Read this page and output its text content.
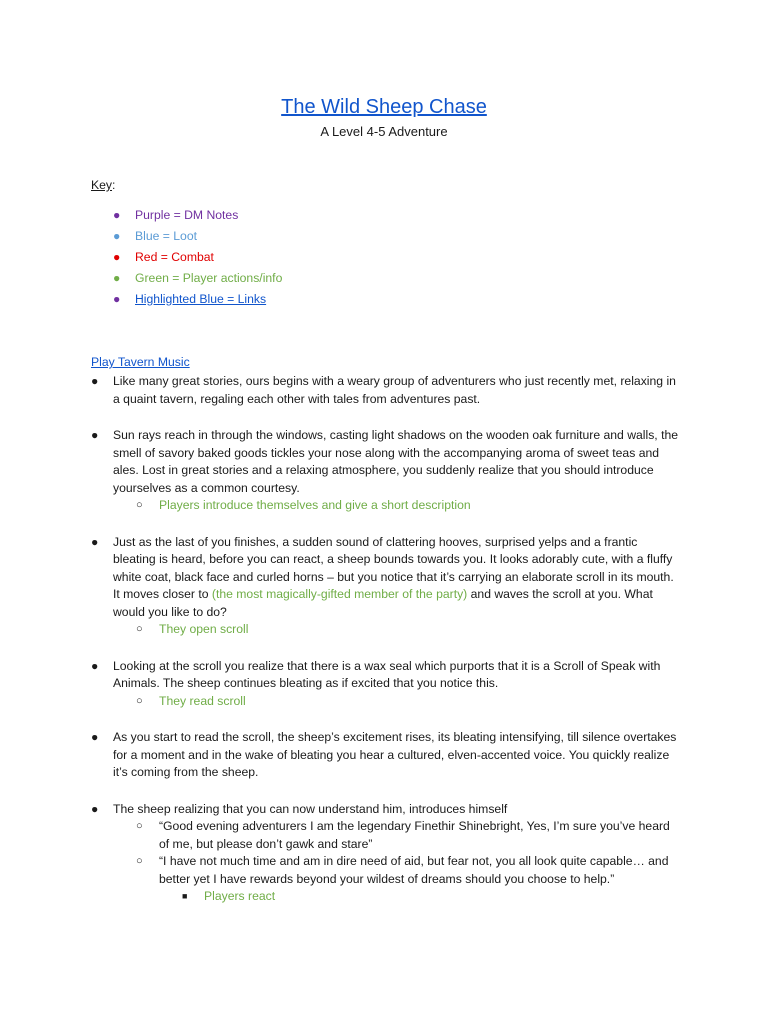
The Wild Sheep Chase
A Level 4-5 Adventure
Key:
● Purple = DM Notes
● Blue = Loot
● Red = Combat
● Green = Player actions/info
● Highlighted Blue = Links
Play Tavern Music
● Like many great stories, ours begins with a weary group of adventurers who just recently met, relaxing in a quaint tavern, regaling each other with tales from adventures past.
● Sun rays reach in through the windows, casting light shadows on the wooden oak furniture and walls, the smell of savory baked goods tickles your nose along with the accompanying aroma of sweet teas and ales. Lost in great stories and a relaxing atmosphere, you suddenly realize that you should introduce yourselves as a common courtesy.
○ Players introduce themselves and give a short description
● Just as the last of you finishes, a sudden sound of clattering hooves, surprised yelps and a frantic bleating is heard, before you can react, a sheep bounds towards you. It looks adorably cute, with a fluffy white coat, black face and curled horns – but you notice that it’s carrying an elaborate scroll in its mouth. It moves closer to (the most magically-gifted member of the party) and waves the scroll at you. What would you like to do?
○ They open scroll
● Looking at the scroll you realize that there is a wax seal which purports that it is a Scroll of Speak with Animals. The sheep continues bleating as if excited that you notice this.
○ They read scroll
● As you start to read the scroll, the sheep’s excitement rises, its bleating intensifying, till silence overtakes for a moment and in the wake of bleating you hear a cultured, elven-accented voice. You quickly realize it’s coming from the sheep.
● The sheep realizing that you can now understand him, introduces himself
○ “Good evening adventurers I am the legendary Finethir Shinebright, Yes, I’m sure you’ve heard of me, but please don’t gawk and stare”
○ “I have not much time and am in dire need of aid, but fear not, you all look quite capable… and better yet I have rewards beyond your wildest of dreams should you choose to help.”
■ Players react
